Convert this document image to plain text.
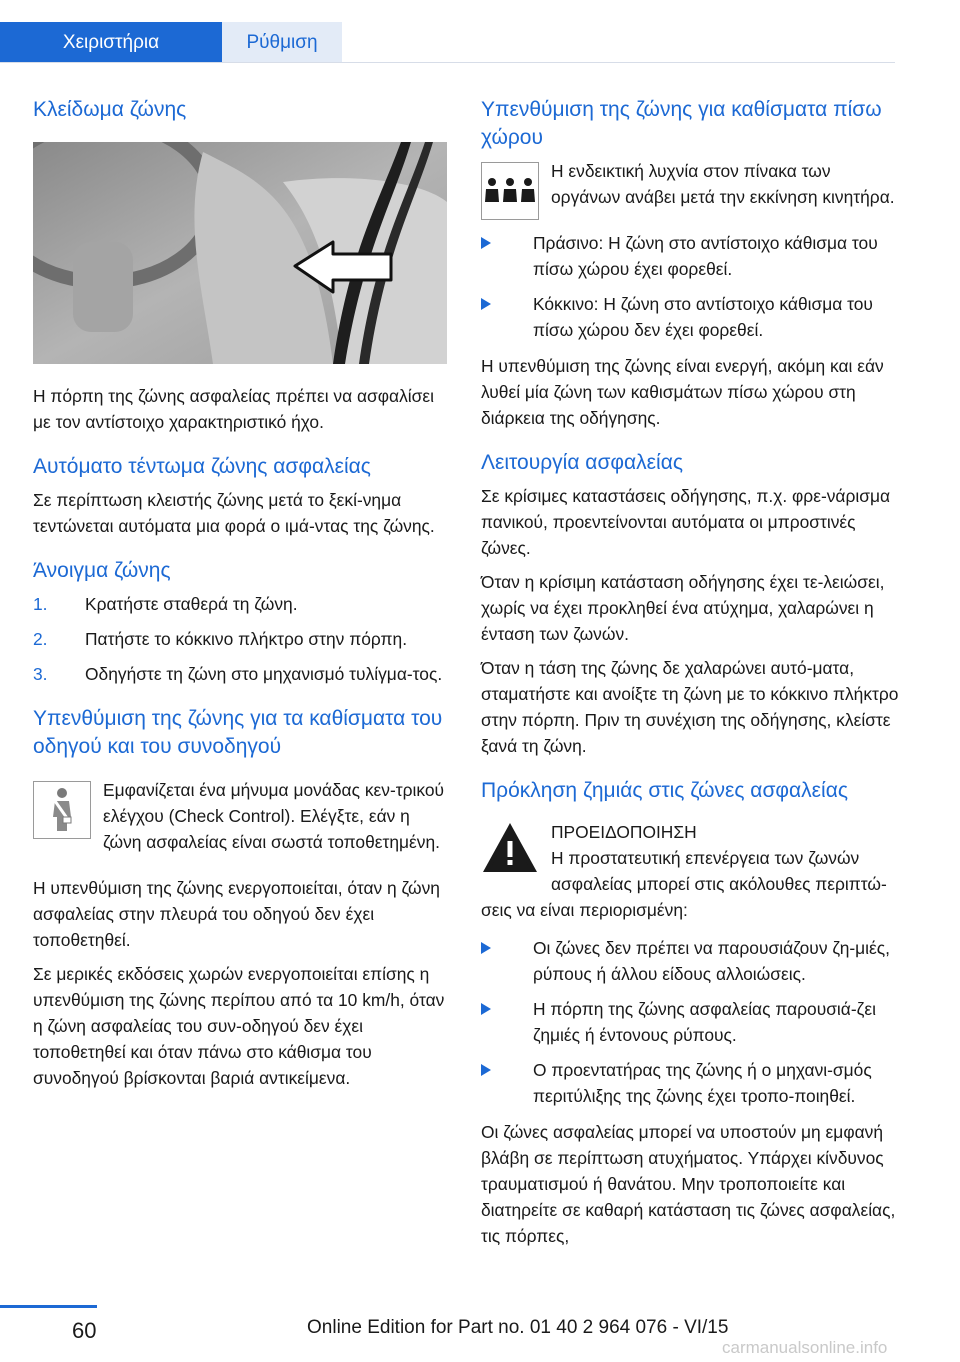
Χειριστήρια	Ρύθμιση
Κλείδωμα ζώνης

Η πόρπη της ζώνης ασφαλείας πρέπει να ασφαλίσει με τον αντίστοιχο χαρακτηριστικό ήχο.

Αυτόματο τέντωμα ζώνης ασφαλείας

Σε περίπτωση κλειστής ζώνης μετά το ξεκί‐νημα τεντώνεται αυτόματα μια φορά ο ιμά‐ντας της ζώνης.

Άνοιγμα ζώνης
1. Κρατήστε σταθερά τη ζώνη.
2. Πατήστε το κόκκινο πλήκτρο στην πόρπη.
3. Οδηγήστε τη ζώνη στο μηχανισμό τυλίγμα‐τος.
Υπενθύμιση της ζώνης για τα καθίσματα του οδηγού και του συνοδηγού

Εμφανίζεται ένα μήνυμα μονάδας κεν‐τρικού ελέγχου (Check Control). Ελέγξτε, εάν η ζώνη ασφαλείας είναι σωστά τοποθετημένη.

Η υπενθύμιση της ζώνης ενεργοποιείται, όταν η ζώνη ασφαλείας στην πλευρά του οδηγού δεν έχει τοποθετηθεί.

Σε μερικές εκδόσεις χωρών ενεργοποιείται επίσης η υπενθύμιση της ζώνης περίπου από τα 10 km/h, όταν η ζώνη ασφαλείας του συν‐οδηγού δεν έχει τοποθετηθεί και όταν πάνω στο κάθισμα του συνοδηγού βρίσκονται βαριά αντικείμενα.

Υπενθύμιση της ζώνης για καθίσματα πίσω χώρου

Η ενδεικτική λυχνία στον πίνακα των οργάνων ανάβει μετά την εκκίνηση κινητήρα.

Πράσινο: Η ζώνη στο αντίστοιχο κάθισμα του πίσω χώρου έχει φορεθεί.
Κόκκινο: Η ζώνη στο αντίστοιχο κάθισμα του πίσω χώρου δεν έχει φορεθεί.

Η υπενθύμιση της ζώνης είναι ενεργή, ακόμη και εάν λυθεί μία ζώνη των καθισμάτων πίσω χώρου στη διάρκεια της οδήγησης.

Λειτουργία ασφαλείας

Σε κρίσιμες καταστάσεις οδήγησης, π.χ. φρε‐νάρισμα πανικού, προεντείνονται αυτόματα οι μπροστινές ζώνες.

Όταν η κρίσιμη κατάσταση οδήγησης έχει τε‐λειώσει, χωρίς να έχει προκληθεί ένα ατύχημα, χαλαρώνει η ένταση των ζωνών.

Όταν η τάση της ζώνης δε χαλαρώνει αυτό‐ματα, σταματήστε και ανοίξτε τη ζώνη με το κόκκινο πλήκτρο στην πόρπη. Πριν τη συνέχιση της οδήγησης, κλείστε ξανά τη ζώνη.

Πρόκληση ζημιάς στις ζώνες ασφαλείας

ΠΡΟΕΙΔΟΠΟΙΗΣΗ

Η προστατευτική επενέργεια των ζωνών ασφαλείας μπορεί στις ακόλουθες περιπτώ‐σεις να είναι περιορισμένη:

Οι ζώνες δεν πρέπει να παρουσιάζουν ζη‐μιές, ρύπους ή άλλου είδους αλλοιώσεις.
Η πόρπη της ζώνης ασφαλείας παρουσιά‐ζει ζημιές ή έντονους ρύπους.
Ο προεντατήρας της ζώνης ή ο μηχανι‐σμός περιτύλιξης της ζώνης έχει τροπο‐ποιηθεί.

Οι ζώνες ασφαλείας μπορεί να υποστούν μη εμφανή βλάβη σε περίπτωση ατυχήματος. Υπάρχει κίνδυνος τραυματισμού ή θανάτου. Μην τροποποιείτε και διατηρείτε σε καθαρή κατάσταση τις ζώνες ασφαλείας, τις πόρπες,

60	Online Edition for Part no. 01 40 2 964 076 - VI/15
carmanualsonline.info
